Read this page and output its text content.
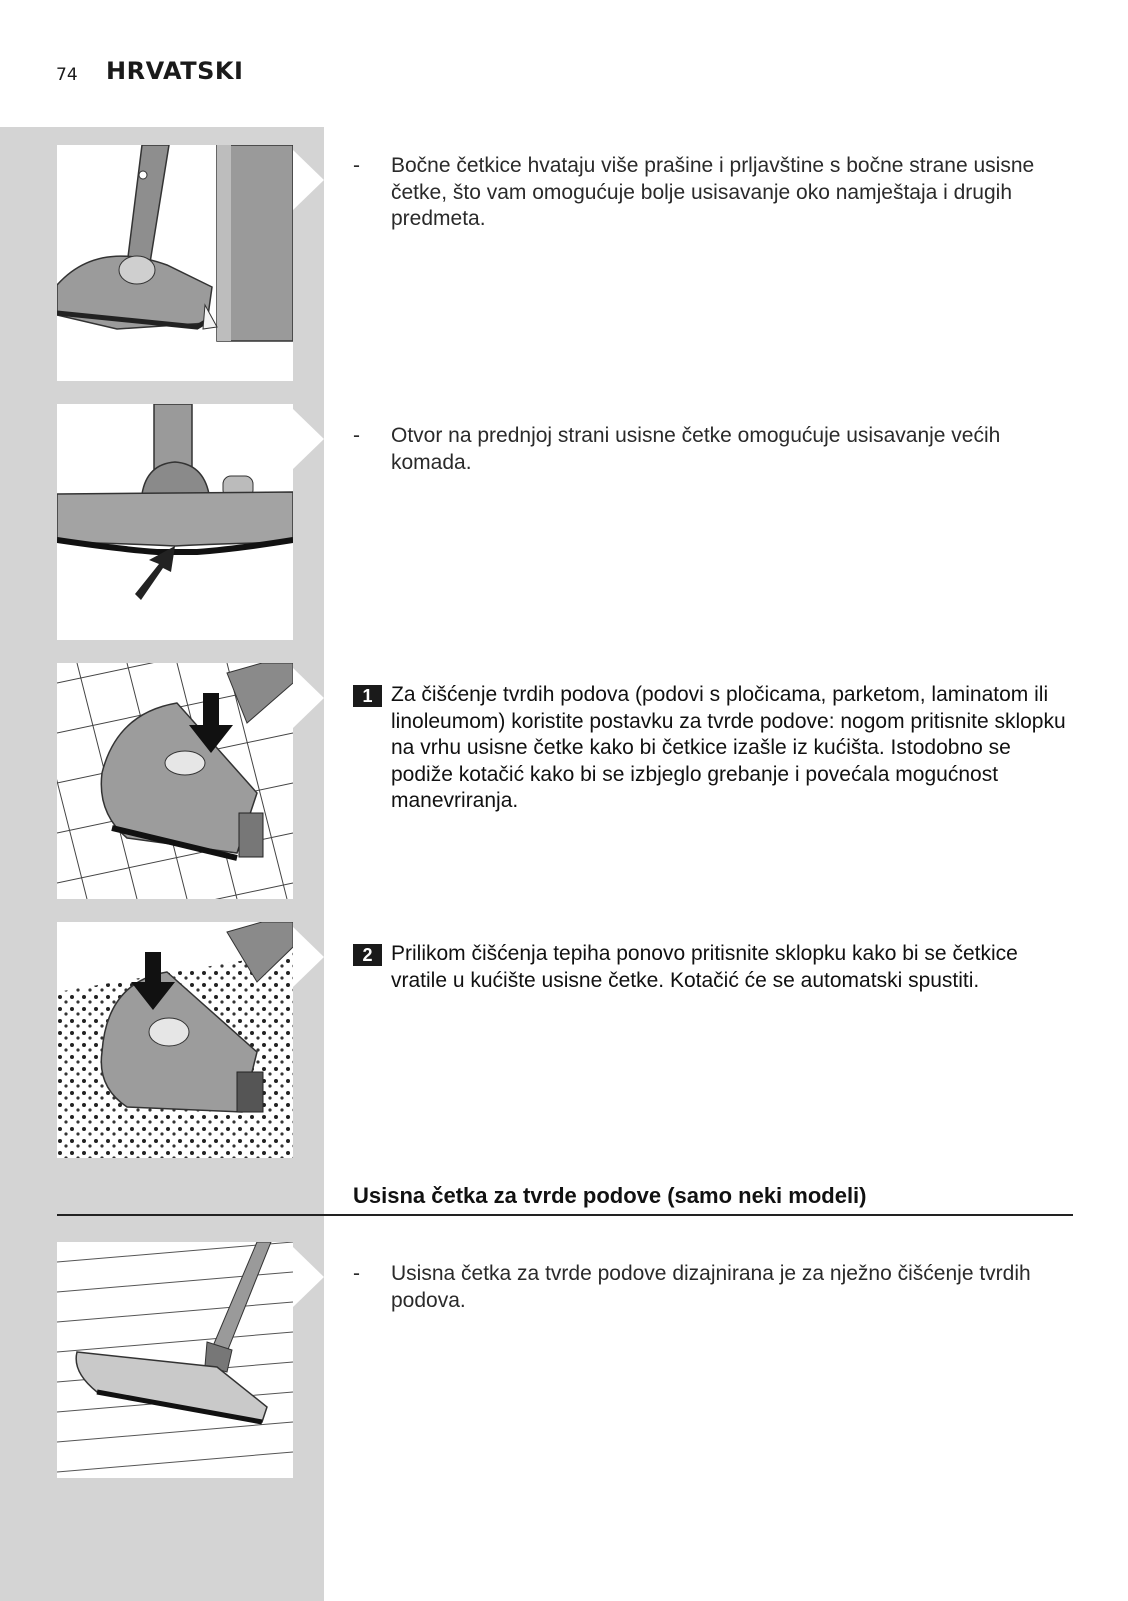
74	HRVATSKI
- Bočne četkice hvataju više prašine i prljavštine s bočne strane usisne četke, što vam omogućuje bolje usisavanje oko namještaja i drugih predmeta.
- Otvor na prednjoj strani usisne četke omogućuje usisavanje većih komada.
1 Za čišćenje tvrdih podova (podovi s pločicama, parketom, laminatom ili linoleumom) koristite postavku za tvrde podove: nogom pritisnite sklopku na vrhu usisne četke kako bi četkice izašle iz kućišta. Istodobno se podiže kotačić kako bi se izbjeglo grebanje i povećala mogućnost manevriranja.
2 Prilikom čišćenja tepiha ponovo pritisnite sklopku kako bi se četkice vratile u kućište usisne četke. Kotačić će se automatski spustiti.
Usisna četka za tvrde podove (samo neki modeli)
- Usisna četka za tvrde podove dizajnirana je za nježno čišćenje tvrdih podova.
